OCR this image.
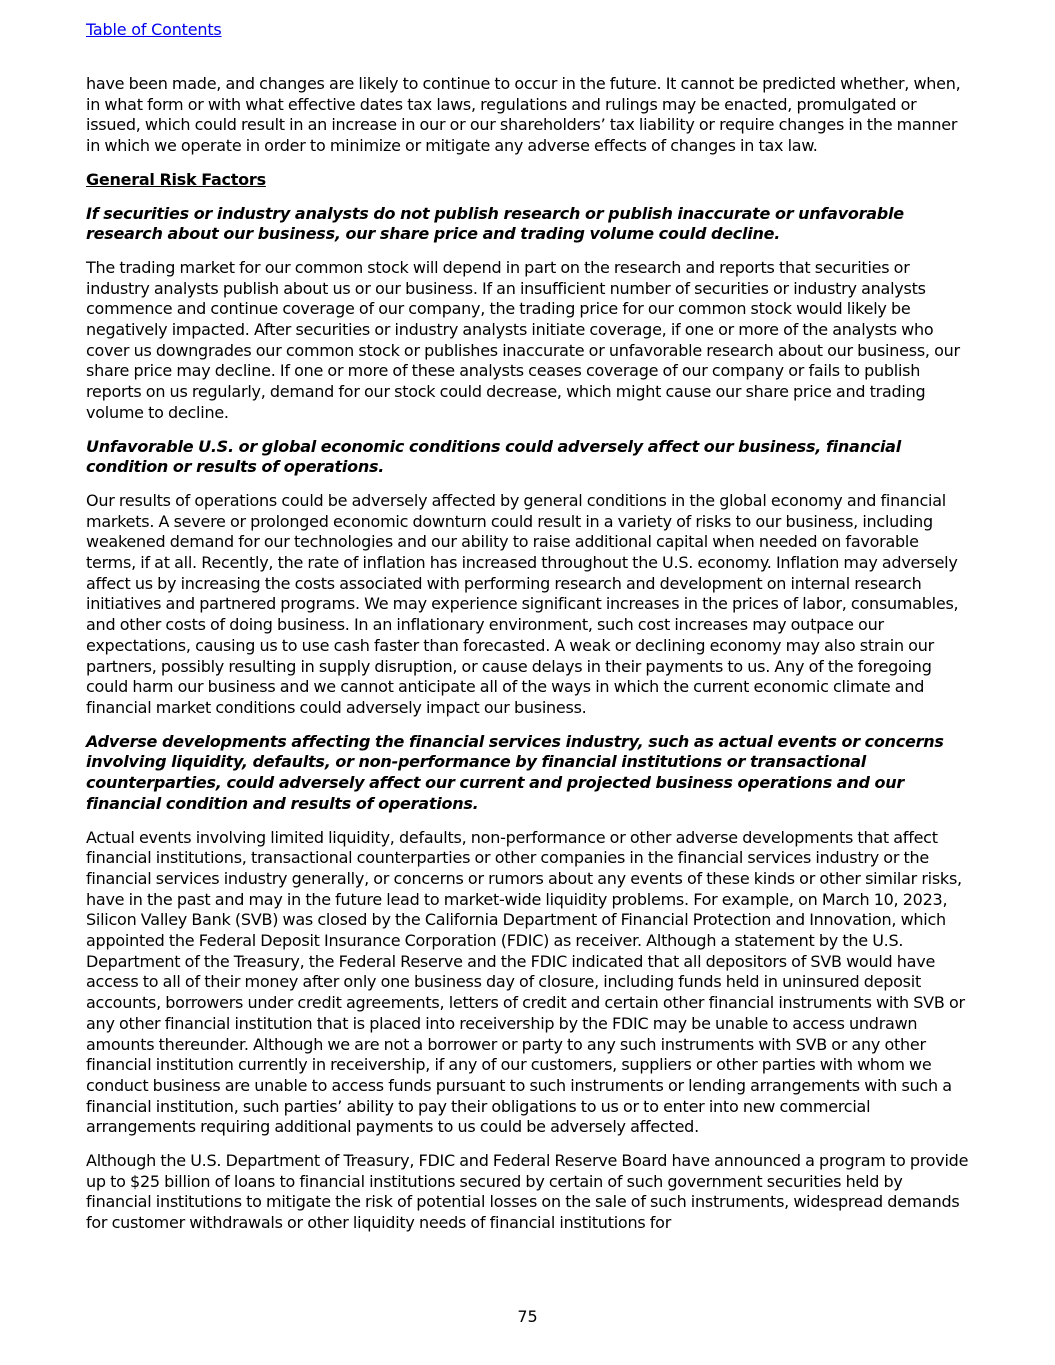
Table of Contents

have been made, and changes are likely to continue to occur in the future. It cannot be predicted whether, when, in what form or with what effective dates tax laws, regulations and rulings may be enacted, promulgated or issued, which could result in an increase in our or our shareholders’ tax liability or require changes in the manner in which we operate in order to minimize or mitigate any adverse effects of changes in tax law.

General Risk Factors

If securities or industry analysts do not publish research or publish inaccurate or unfavorable research about our business, our share price and trading volume could decline.

The trading market for our common stock will depend in part on the research and reports that securities or industry analysts publish about us or our business. If an insufficient number of securities or industry analysts commence and continue coverage of our company, the trading price for our common stock would likely be negatively impacted. After securities or industry analysts initiate coverage, if one or more of the analysts who cover us downgrades our common stock or publishes inaccurate or unfavorable research about our business, our share price may decline. If one or more of these analysts ceases coverage of our company or fails to publish reports on us regularly, demand for our stock could decrease, which might cause our share price and trading volume to decline.

Unfavorable U.S. or global economic conditions could adversely affect our business, financial condition or results of operations.

Our results of operations could be adversely affected by general conditions in the global economy and financial markets. A severe or prolonged economic downturn could result in a variety of risks to our business, including weakened demand for our technologies and our ability to raise additional capital when needed on favorable terms, if at all. Recently, the rate of inflation has increased throughout the U.S. economy. Inflation may adversely affect us by increasing the costs associated with performing research and development on internal research initiatives and partnered programs. We may experience significant increases in the prices of labor, consumables, and other costs of doing business. In an inflationary environment, such cost increases may outpace our expectations, causing us to use cash faster than forecasted. A weak or declining economy may also strain our partners, possibly resulting in supply disruption, or cause delays in their payments to us. Any of the foregoing could harm our business and we cannot anticipate all of the ways in which the current economic climate and financial market conditions could adversely impact our business.

Adverse developments affecting the financial services industry, such as actual events or concerns involving liquidity, defaults, or non-performance by financial institutions or transactional counterparties, could adversely affect our current and projected business operations and our financial condition and results of operations.

Actual events involving limited liquidity, defaults, non-performance or other adverse developments that affect financial institutions, transactional counterparties or other companies in the financial services industry or the financial services industry generally, or concerns or rumors about any events of these kinds or other similar risks, have in the past and may in the future lead to market-wide liquidity problems. For example, on March 10, 2023, Silicon Valley Bank (SVB) was closed by the California Department of Financial Protection and Innovation, which appointed the Federal Deposit Insurance Corporation (FDIC) as receiver. Although a statement by the U.S. Department of the Treasury, the Federal Reserve and the FDIC indicated that all depositors of SVB would have access to all of their money after only one business day of closure, including funds held in uninsured deposit accounts, borrowers under credit agreements, letters of credit and certain other financial instruments with SVB or any other financial institution that is placed into receivership by the FDIC may be unable to access undrawn amounts thereunder. Although we are not a borrower or party to any such instruments with SVB or any other financial institution currently in receivership, if any of our customers, suppliers or other parties with whom we conduct business are unable to access funds pursuant to such instruments or lending arrangements with such a financial institution, such parties’ ability to pay their obligations to us or to enter into new commercial arrangements requiring additional payments to us could be adversely affected.

Although the U.S. Department of Treasury, FDIC and Federal Reserve Board have announced a program to provide up to $25 billion of loans to financial institutions secured by certain of such government securities held by financial institutions to mitigate the risk of potential losses on the sale of such instruments, widespread demands for customer withdrawals or other liquidity needs of financial institutions for

75
